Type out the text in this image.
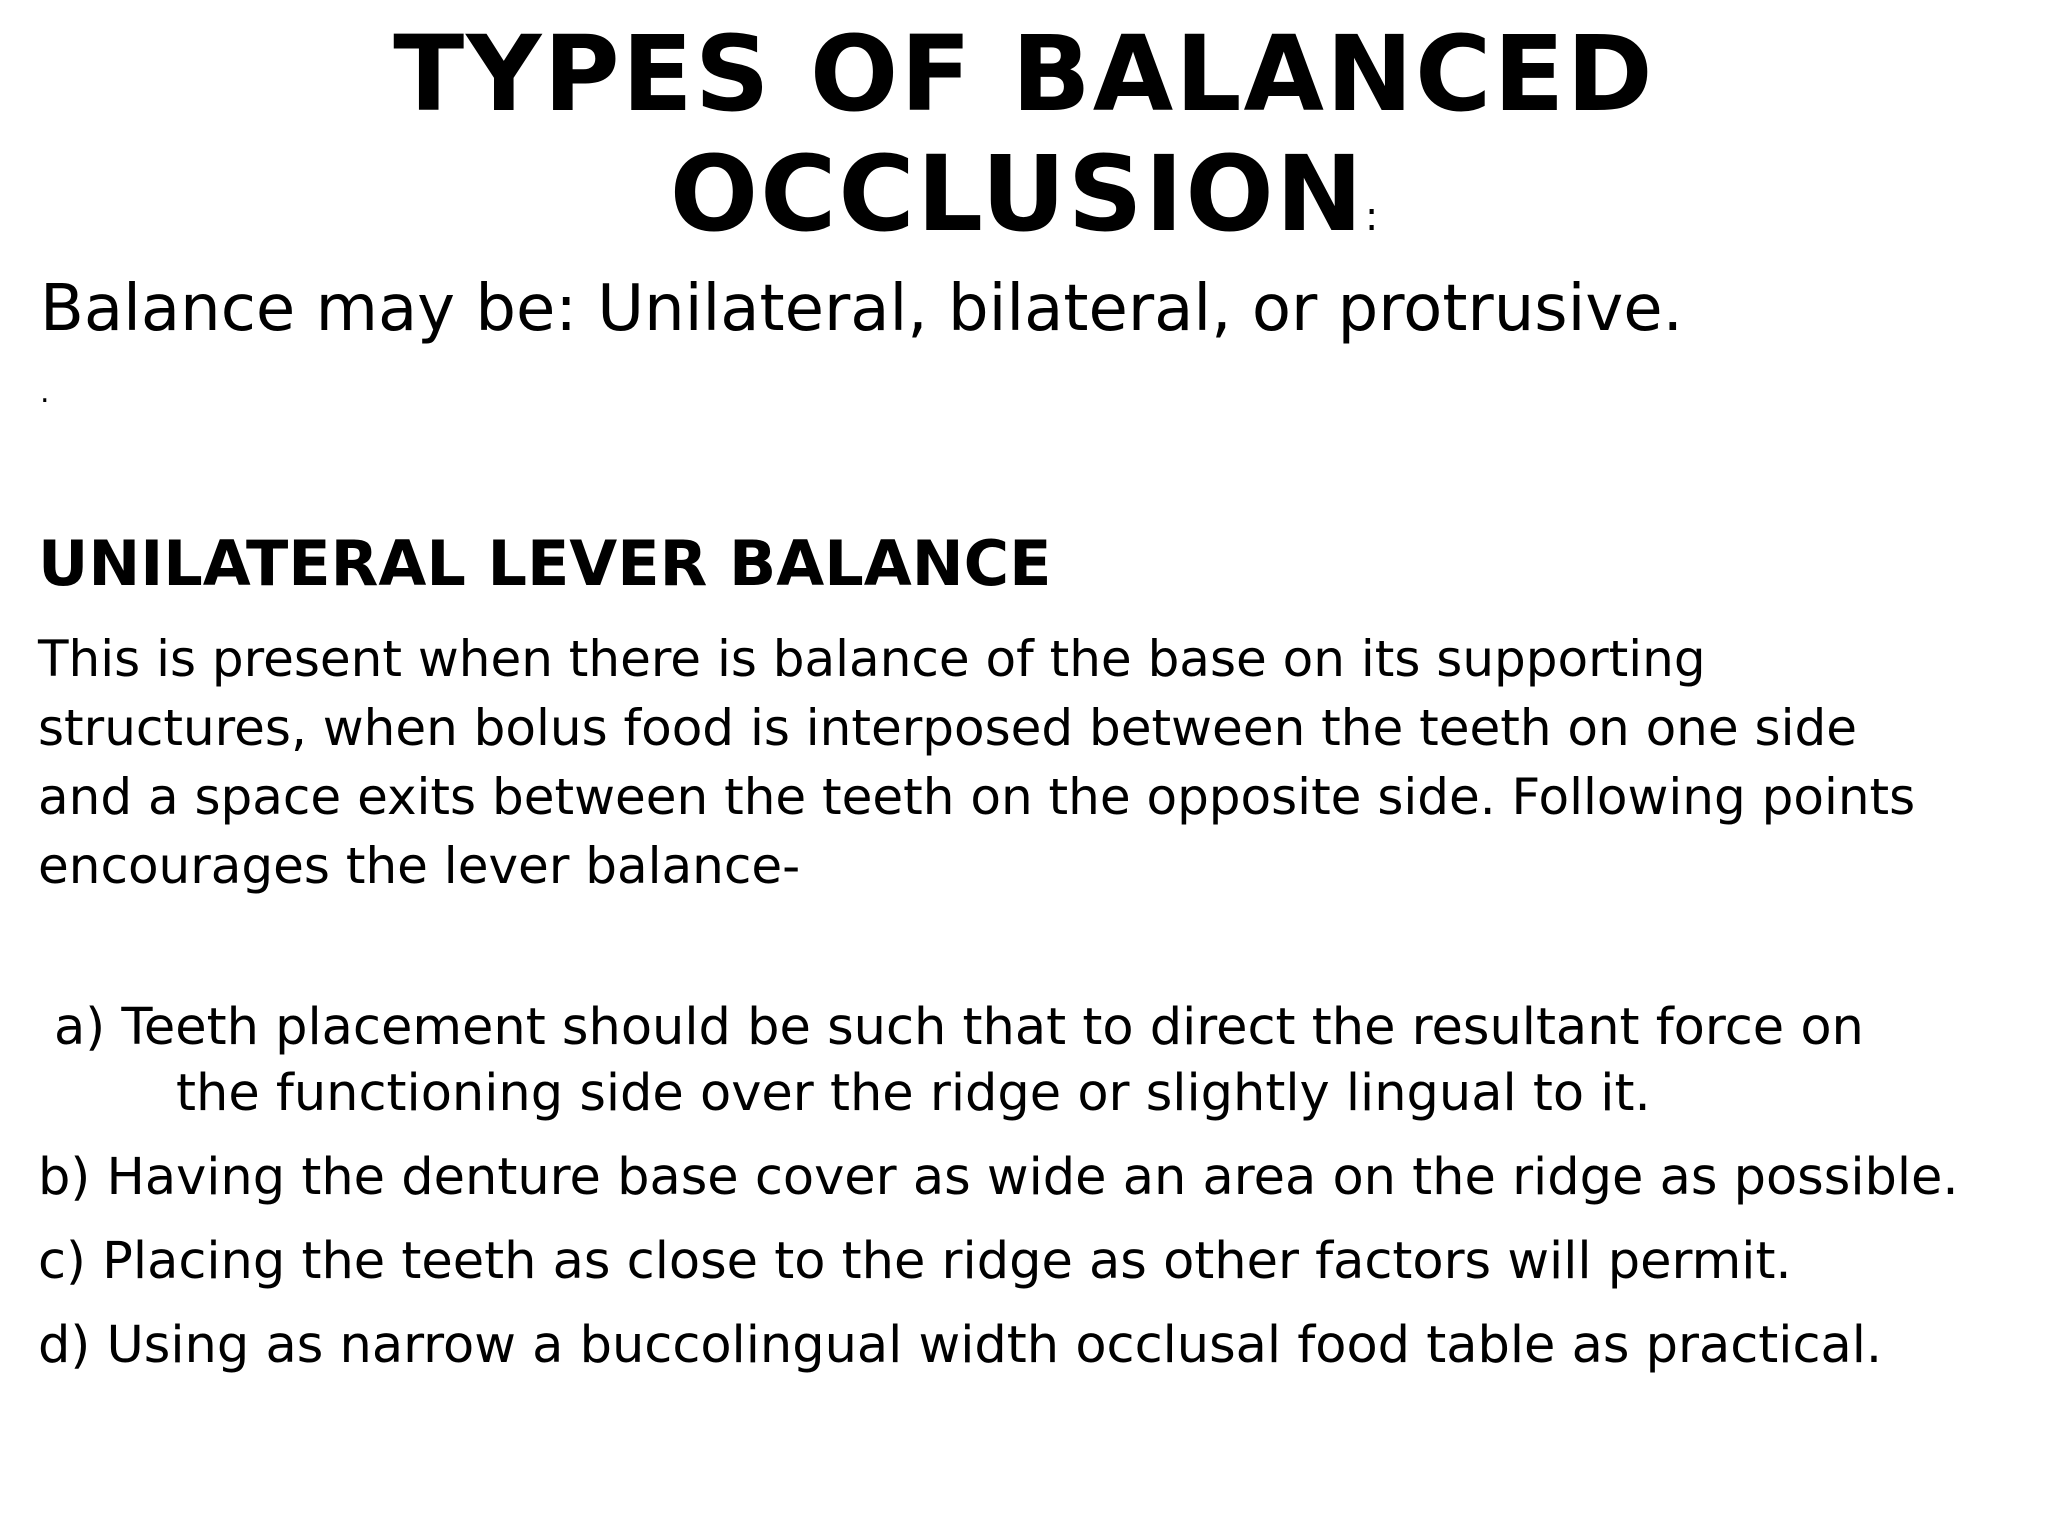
TYPES OF BALANCED
OCCLUSION:
Balance may be: Unilateral, bilateral, or protrusive.
.
UNILATERAL LEVER BALANCE
This is present when there is balance of the base on its supporting
structures, when bolus food is interposed between the teeth on one side
and a space exits between the teeth on the opposite side. Following points
encourages the lever balance-
a) Teeth placement should be such that to direct the resultant force on
the functioning side over the ridge or slightly lingual to it.
b) Having the denture base cover as wide an area on the ridge as possible.
c) Placing the teeth as close to the ridge as other factors will permit.
d) Using as narrow a buccolingual width occlusal food table as practical.
